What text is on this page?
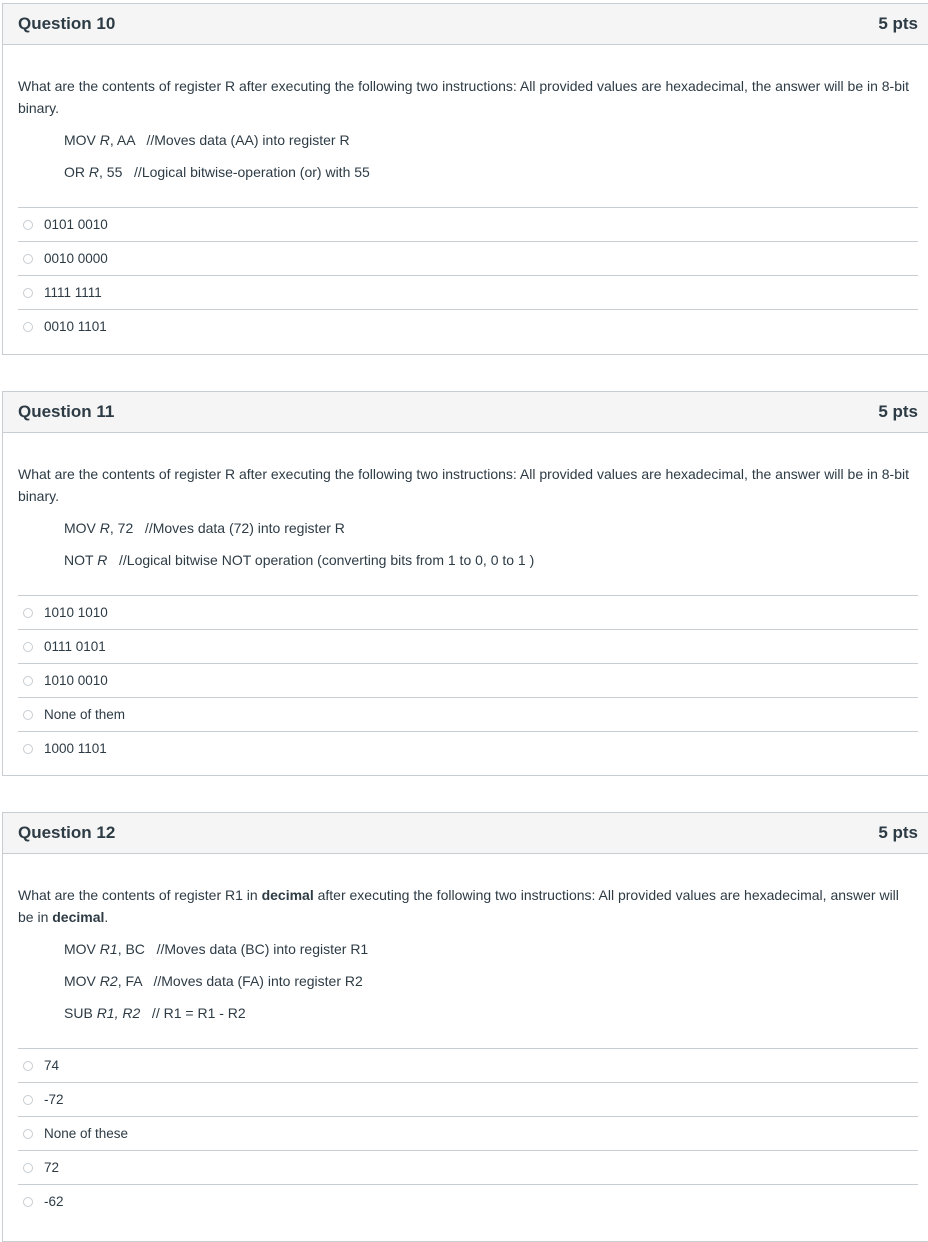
Question 10	5 pts
What are the contents of register R after executing the following two instructions: All provided values are hexadecimal, the answer will be in 8-bit binary.
MOV R, AA   //Moves data (AA) into register R
OR R, 55   //Logical bitwise-operation (or) with 55
0101 0010
0010 0000
1111 1111
0010 1101
Question 11	5 pts
What are the contents of register R after executing the following two instructions: All provided values are hexadecimal, the answer will be in 8-bit binary.
MOV R, 72   //Moves data (72) into register R
NOT R   //Logical bitwise NOT operation (converting bits from 1 to 0, 0 to 1 )
1010 1010
0111 0101
1010 0010
None of them
1000 1101
Question 12	5 pts
What are the contents of register R1 in decimal after executing the following two instructions: All provided values are hexadecimal, answer will be in decimal.
MOV R1, BC   //Moves data (BC) into register R1
MOV R2, FA   //Moves data (FA) into register R2
SUB R1, R2   // R1 = R1 - R2
74
-72
None of these
72
-62
